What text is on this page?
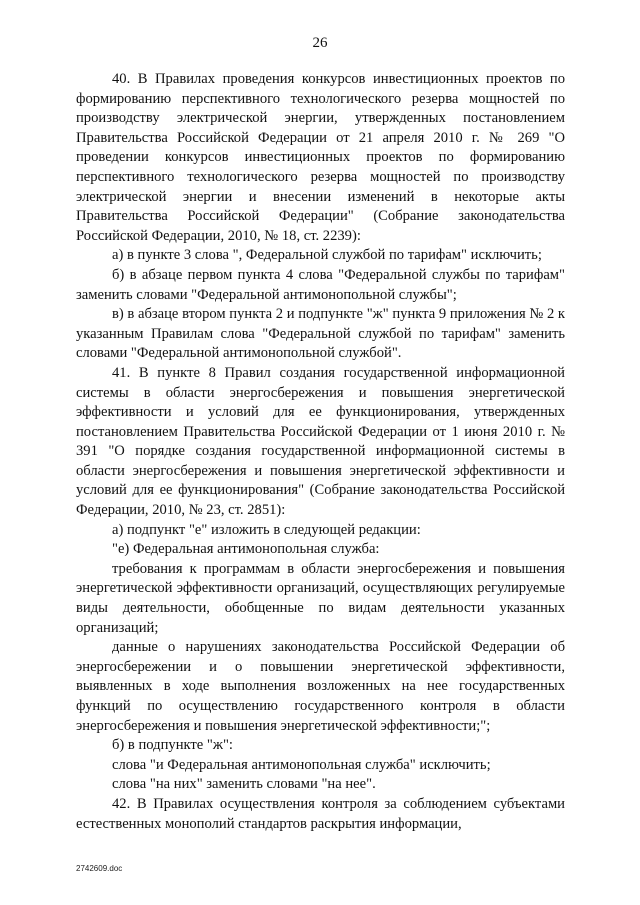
26

40. В Правилах проведения конкурсов инвестиционных проектов по формированию перспективного технологического резерва мощностей по производству электрической энергии, утвержденных постановлением Правительства Российской Федерации от 21 апреля 2010 г. № 269 "О проведении конкурсов инвестиционных проектов по формированию перспективного технологического резерва мощностей по производству электрической энергии и внесении изменений в некоторые акты Правительства Российской Федерации" (Собрание законодательства Российской Федерации, 2010, № 18, ст. 2239):

а) в пункте 3 слова ", Федеральной службой по тарифам" исключить;

б) в абзаце первом пункта 4 слова "Федеральной службы по тарифам" заменить словами "Федеральной антимонопольной службы";

в) в абзаце втором пункта 2 и подпункте "ж" пункта 9 приложения № 2 к указанным Правилам слова "Федеральной службой по тарифам" заменить словами "Федеральной антимонопольной службой".

41. В пункте 8 Правил создания государственной информационной системы в области энергосбережения и повышения энергетической эффективности и условий для ее функционирования, утвержденных постановлением Правительства Российской Федерации от 1 июня 2010 г. № 391 "О порядке создания государственной информационной системы в области энергосбережения и повышения энергетической эффективности и условий для ее функционирования" (Собрание законодательства Российской Федерации, 2010, № 23, ст. 2851):

а) подпункт "е" изложить в следующей редакции:

"е) Федеральная антимонопольная служба:

требования к программам в области энергосбережения и повышения энергетической эффективности организаций, осуществляющих регулируемые виды деятельности, обобщенные по видам деятельности указанных организаций;

данные о нарушениях законодательства Российской Федерации об энергосбережении и о повышении энергетической эффективности, выявленных в ходе выполнения возложенных на нее государственных функций по осуществлению государственного контроля в области энергосбережения и повышения энергетической эффективности;";

б) в подпункте "ж":

слова "и Федеральная антимонопольная служба" исключить;

слова "на них" заменить словами "на нее".

42. В Правилах осуществления контроля за соблюдением субъектами естественных монополий стандартов раскрытия информации,

2742609.doc
